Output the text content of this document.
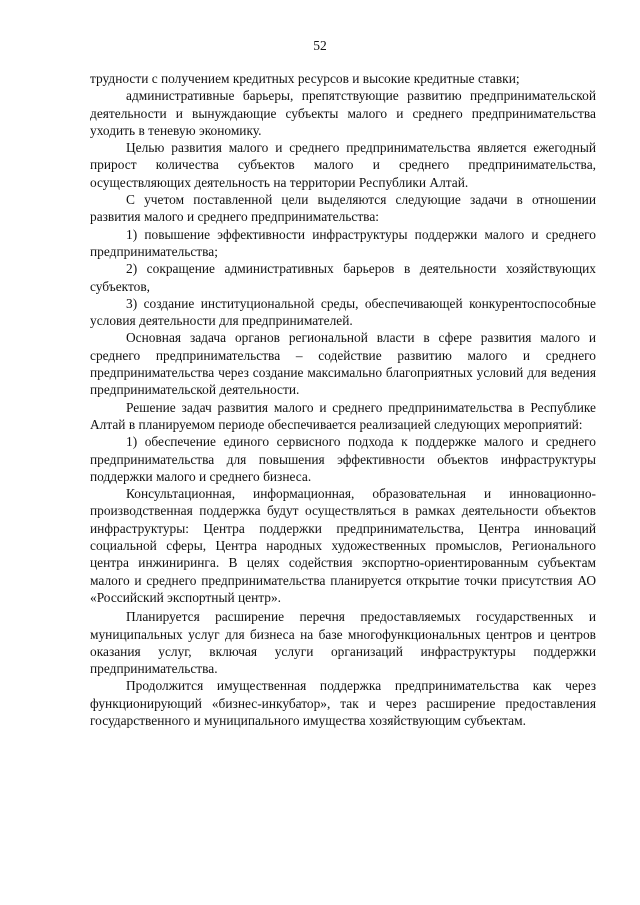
52

трудности с получением кредитных ресурсов и высокие кредитные ставки;

административные барьеры, препятствующие развитию предпринимательской деятельности и вынуждающие субъекты малого и среднего предпринимательства уходить в теневую экономику.

Целью развития малого и среднего предпринимательства является ежегодный прирост количества субъектов малого и среднего предпринимательства, осуществляющих деятельность на территории Республики Алтай.

С учетом поставленной цели выделяются следующие задачи в отношении развития малого и среднего предпринимательства:

1) повышение эффективности инфраструктуры поддержки малого и среднего предпринимательства;

2) сокращение административных барьеров в деятельности хозяйствующих субъектов,

3) создание институциональной среды, обеспечивающей конкурентоспособные условия деятельности для предпринимателей.

Основная задача органов региональной власти в сфере развития малого и среднего предпринимательства – содействие развитию малого и среднего предпринимательства через создание максимально благоприятных условий для ведения предпринимательской деятельности.

Решение задач развития малого и среднего предпринимательства в Республике Алтай в планируемом периоде обеспечивается реализацией следующих мероприятий:

1) обеспечение единого сервисного подхода к поддержке малого и среднего предпринимательства для повышения эффективности объектов инфраструктуры поддержки малого и среднего бизнеса.

Консультационная, информационная, образовательная и инновационно-производственная поддержка будут осуществляться в рамках деятельности объектов инфраструктуры: Центра поддержки предпринимательства, Центра инноваций социальной сферы, Центра народных художественных промыслов, Регионального центра инжиниринга. В целях содействия экспортно-ориентированным субъектам малого и среднего предпринимательства планируется открытие точки присутствия АО «Российский экспортный центр».

Планируется расширение перечня предоставляемых государственных и муниципальных услуг для бизнеса на базе многофункциональных центров и центров оказания услуг, включая услуги организаций инфраструктуры поддержки предпринимательства.

Продолжится имущественная поддержка предпринимательства как через функционирующий «бизнес-инкубатор», так и через расширение предоставления государственного и муниципального имущества хозяйствующим субъектам.
